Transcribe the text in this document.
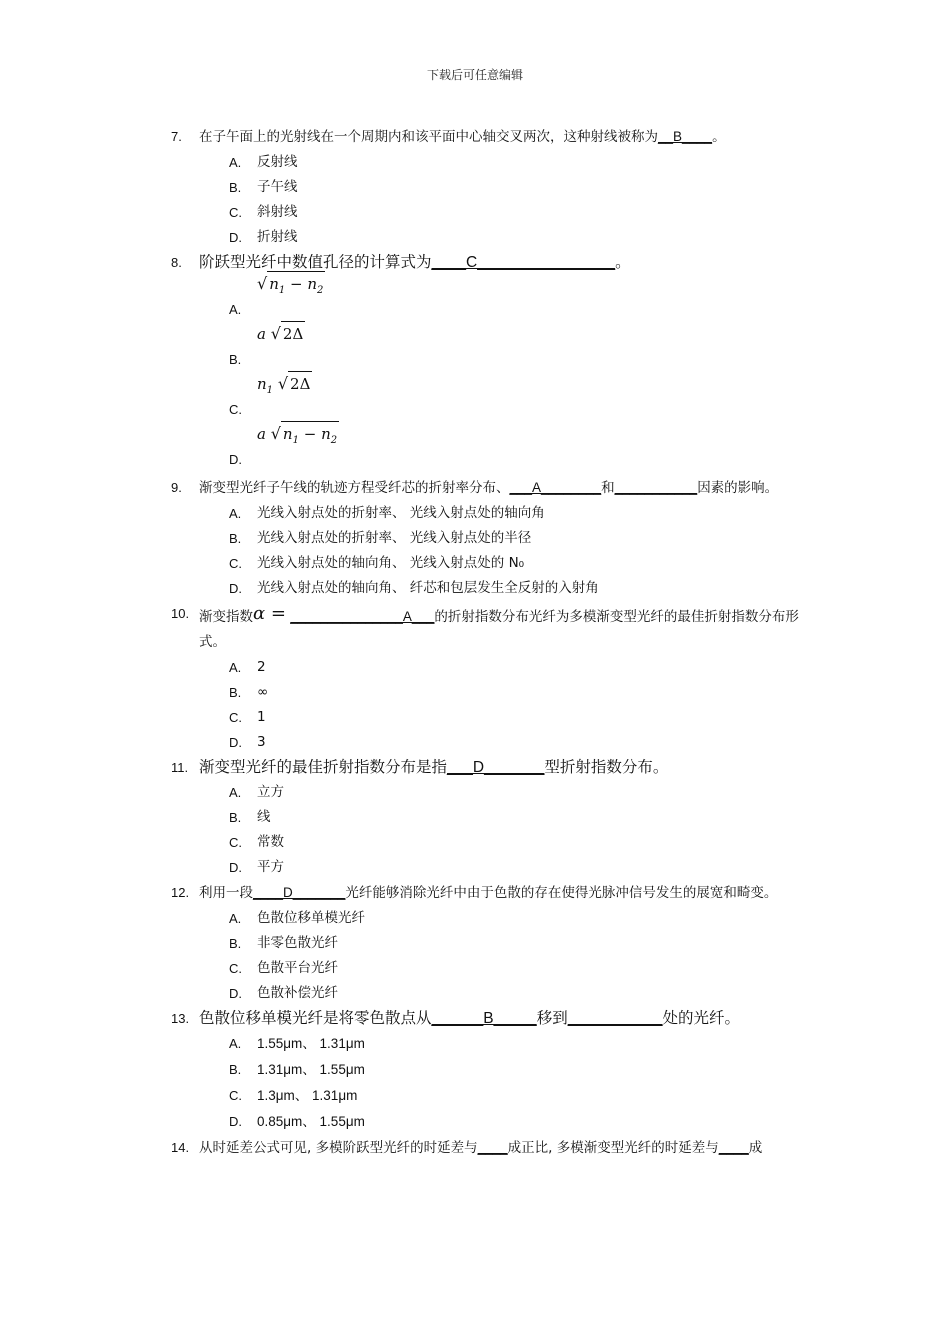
下载后可任意编辑
7. 在子午面上的光射线在一个周期内和该平面中心轴交叉两次，这种射线被称为__B____。
A. 反射线
B. 子午线
C. 斜射线
D. 折射线
8. 阶跃型光纤中数值孔径的计算式为____C________________。
A.
√ $n_1 - n_2$
B.
a √ 2Δ
C.
$n_1$ √ 2Δ
D.
a √ $n_1 - n_2$
9. 渐变型光纤子午线的轨迹方程受纤芯的折射率分布、___A________和___________因素的影响。
A. 光线入射点处的折射率、 光线入射点处的轴向角
B. 光线入射点处的折射率、 光线入射点处的半径
C. 光线入射点处的轴向角、 光线入射点处的 N₀
D. 光线入射点处的轴向角、 纤芯和包层发生全反射的入射角
10. 渐变指数α = _______________A___的折射指数分布光纤为多模渐变型光纤的最佳折射指数分布形式。
A. 2
B. ∞
C. 1
D. 3
11. 渐变型光纤的最佳折射指数分布是指___D_______型折射指数分布。
A. 立方
B. 线
C. 常数
D. 平方
12. 利用一段____D_______光纤能够消除光纤中由于色散的存在使得光脉冲信号发生的展宽和畸变。
A. 色散位移单模光纤
B. 非零色散光纤
C. 色散平台光纤
D. 色散补偿光纤
13. 色散位移单模光纤是将零色散点从______B_____移到___________处的光纤。
A. 1.55μm、 1.31μm
B. 1.31μm、 1.55μm
C. 1.3μm、 1.31μm
D. 0.85μm、 1.55μm
14. 从时延差公式可见, 多模阶跃型光纤的时延差与____成正比, 多模渐变型光纤的时延差与____成
